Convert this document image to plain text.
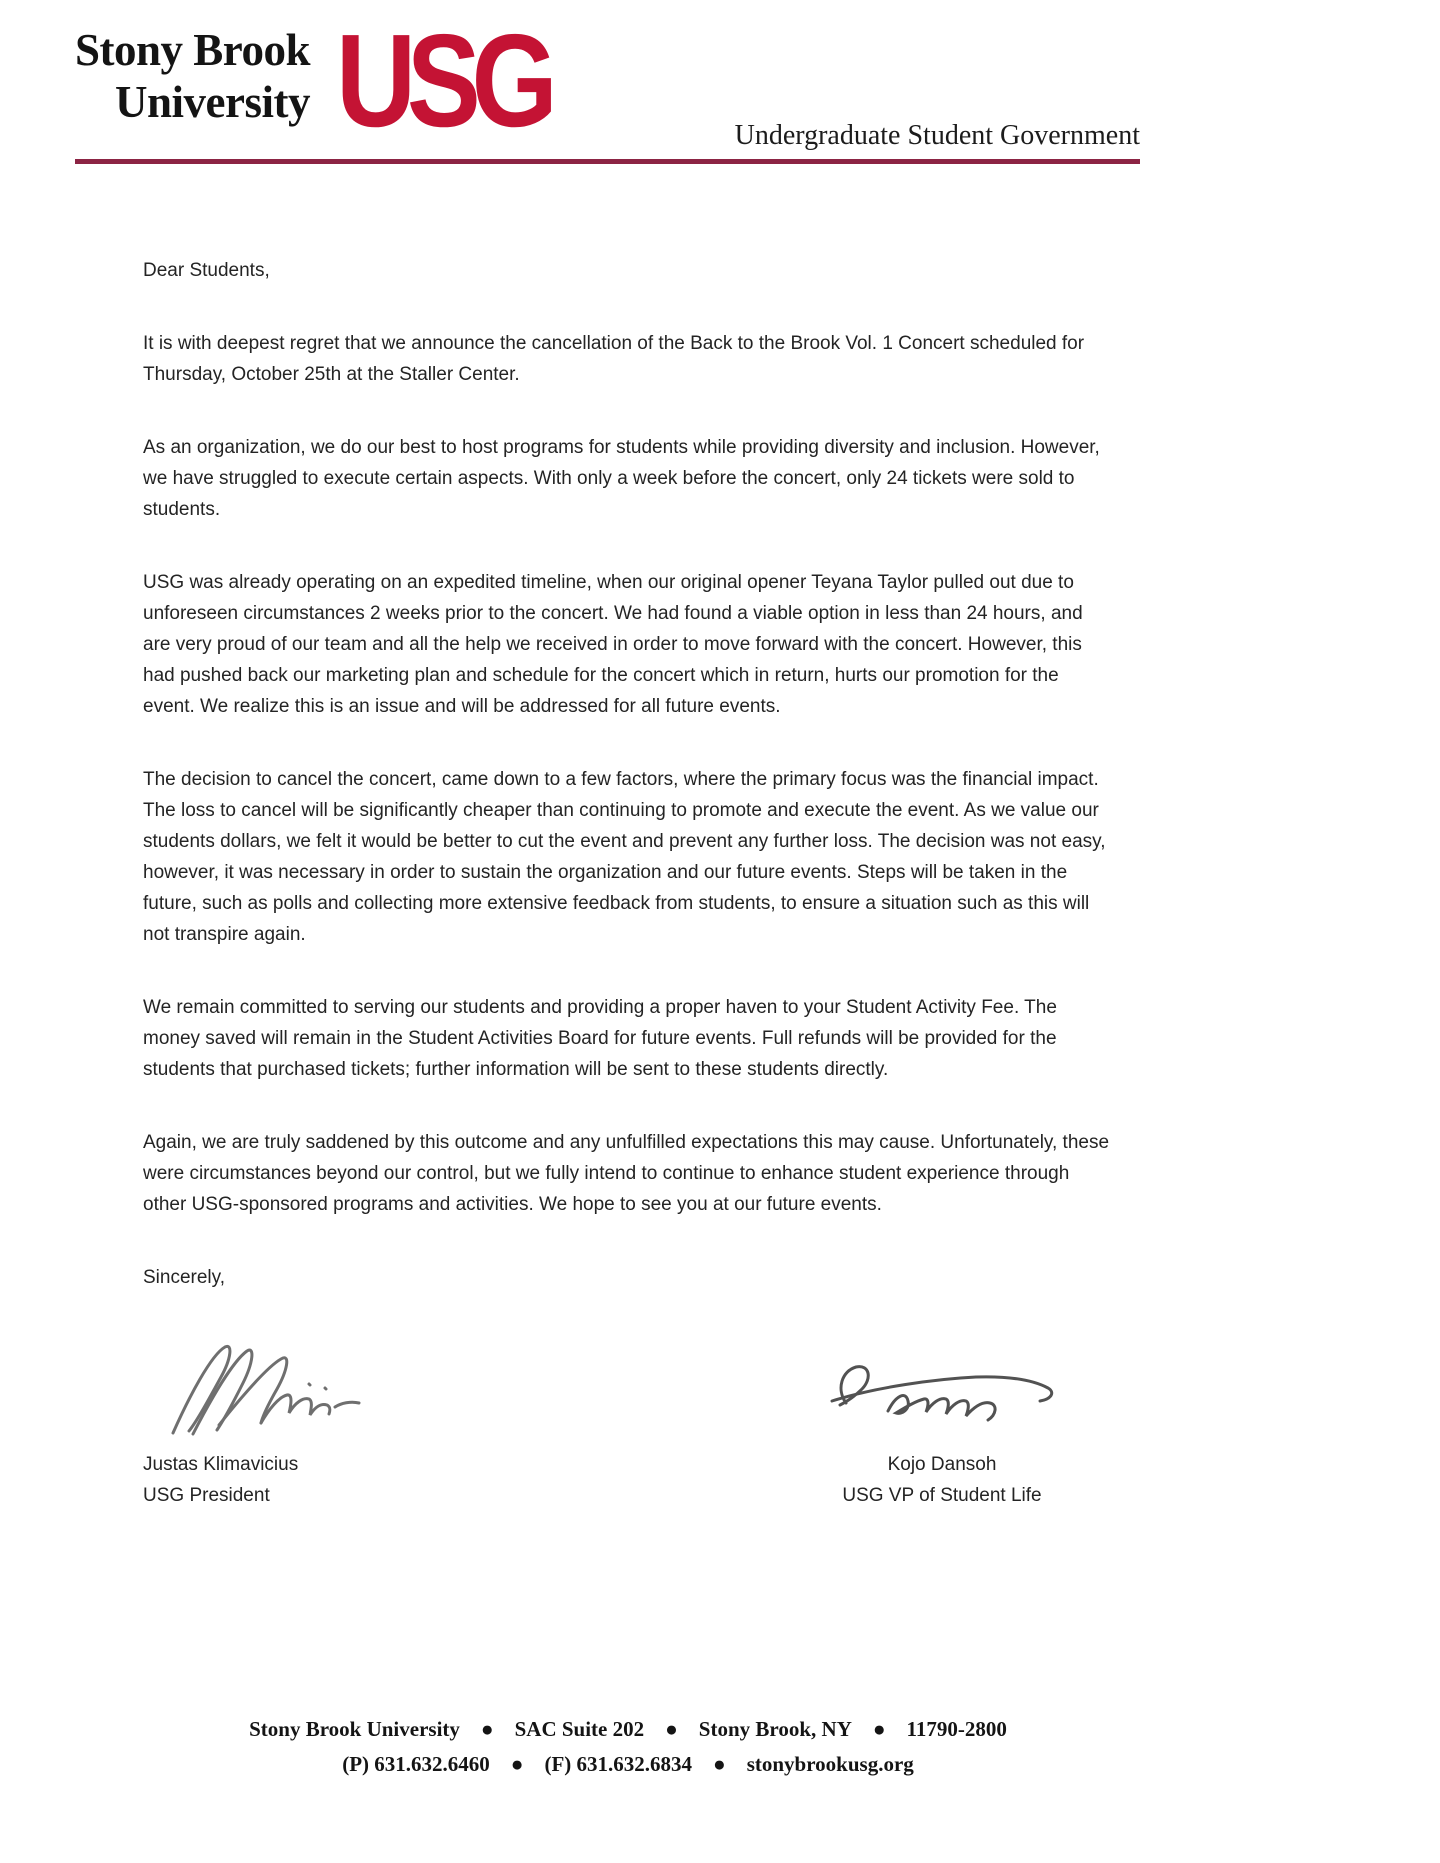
Stony Brook
University USG	Undergraduate Student Government

Dear Students,

It is with deepest regret that we announce the cancellation of the Back to the Brook Vol. 1 Concert scheduled for Thursday, October 25th at the Staller Center.

As an organization, we do our best to host programs for students while providing diversity and inclusion. However, we have struggled to execute certain aspects. With only a week before the concert, only 24 tickets were sold to students.

USG was already operating on an expedited timeline, when our original opener Teyana Taylor pulled out due to unforeseen circumstances 2 weeks prior to the concert. We had found a viable option in less than 24 hours, and are very proud of our team and all the help we received in order to move forward with the concert. However, this had pushed back our marketing plan and schedule for the concert which in return, hurts our promotion for the event. We realize this is an issue and will be addressed for all future events.

The decision to cancel the concert, came down to a few factors, where the primary focus was the financial impact. The loss to cancel will be significantly cheaper than continuing to promote and execute the event. As we value our students dollars, we felt it would be better to cut the event and prevent any further loss. The decision was not easy, however, it was necessary in order to sustain the organization and our future events. Steps will be taken in the future, such as polls and collecting more extensive feedback from students, to ensure a situation such as this will not transpire again.

We remain committed to serving our students and providing a proper haven to your Student Activity Fee. The money saved will remain in the Student Activities Board for future events. Full refunds will be provided for the students that purchased tickets; further information will be sent to these students directly.

Again, we are truly saddened by this outcome and any unfulfilled expectations this may cause. Unfortunately, these were circumstances beyond our control, but we fully intend to continue to enhance student experience through other USG-sponsored programs and activities. We hope to see you at our future events.

Sincerely,

Justas Klimavicius
USG President
Kojo Dansoh
USG VP of Student Life
Stony Brook University ● SAC Suite 202 ● Stony Brook, NY ● 11790-2800
(P) 631.632.6460 ● (F) 631.632.6834 ● stonybrookusg.org
